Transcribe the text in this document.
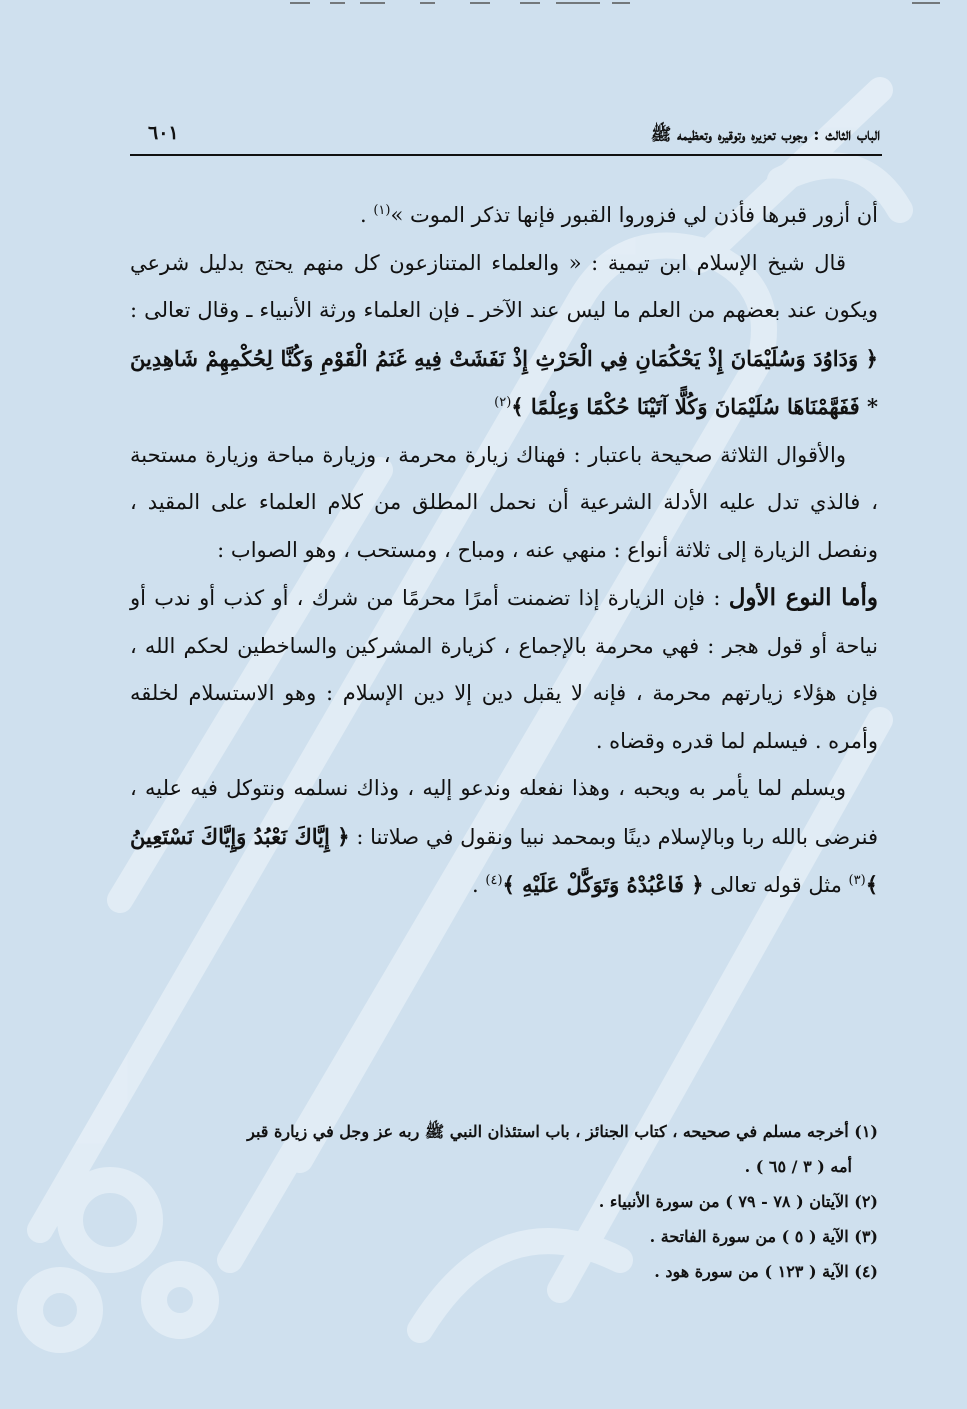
الباب الثالث : وجوب تعزيره وتوقيره وتعظيمه ﷺ
٦٠١

أن أزور قبرها فأذن لي فزوروا القبور فإنها تذكر الموت »$^{(١)}$ .

قال شيخ الإسلام ابن تيمية : « والعلماء المتنازعون كل منهم يحتج بدليل شرعي ويكون عند بعضهم من العلم ما ليس عند الآخر ـ فإن العلماء ورثة الأنبياء ـ وقال تعالى : ﴿ وَدَاوُدَ وَسُلَيْمَانَ إِذْ يَحْكُمَانِ فِي الْحَرْثِ إِذْ نَفَشَتْ فِيهِ غَنَمُ الْقَوْمِ وَكُنَّا لِحُكْمِهِمْ شَاهِدِينَ * فَفَهَّمْنَاهَا سُلَيْمَانَ وَكُلًّا آتَيْنَا حُكْمًا وَعِلْمًا ﴾$^{(٢)}$

والأقوال الثلاثة صحيحة باعتبار : فهناك زيارة محرمة ، وزيارة مباحة وزيارة مستحبة ، فالذي تدل عليه الأدلة الشرعية أن نحمل المطلق من كلام العلماء على المقيد ، ونفصل الزيارة إلى ثلاثة أنواع : منهي عنه ، ومباح ، ومستحب ، وهو الصواب :

وأما النوع الأول : فإن الزيارة إذا تضمنت أمرًا محرمًا من شرك ، أو كذب أو ندب أو نياحة أو قول هجر : فهي محرمة بالإجماع ، كزيارة المشركين والساخطين لحكم الله ، فإن هؤلاء زيارتهم محرمة ، فإنه لا يقبل دين إلا دين الإسلام : وهو الاستسلام لخلقه وأمره . فيسلم لما قدره وقضاه .

ويسلم لما يأمر به ويحبه ، وهذا نفعله وندعو إليه ، وذاك نسلمه ونتوكل فيه عليه ، فنرضى بالله ربا وبالإسلام دينًا وبمحمد نبيا ونقول في صلاتنا : ﴿ إِيَّاكَ نَعْبُدُ وَإِيَّاكَ نَسْتَعِينُ ﴾$^{(٣)}$ مثل قوله تعالى ﴿ فَاعْبُدْهُ وَتَوَكَّلْ عَلَيْهِ ﴾$^{(٤)}$ .

(١) أخرجه مسلم في صحيحه ، كتاب الجنائز ، باب استئذان النبي ﷺ ربه عز وجل في زيارة قبر

أمه ( ٣ / ٦٥ ) .

(٢) الآيتان ( ٧٨ - ٧٩ ) من سورة الأنبياء .

(٣) الآية ( ٥ ) من سورة الفاتحة .

(٤) الآية ( ١٢٣ ) من سورة هود .
